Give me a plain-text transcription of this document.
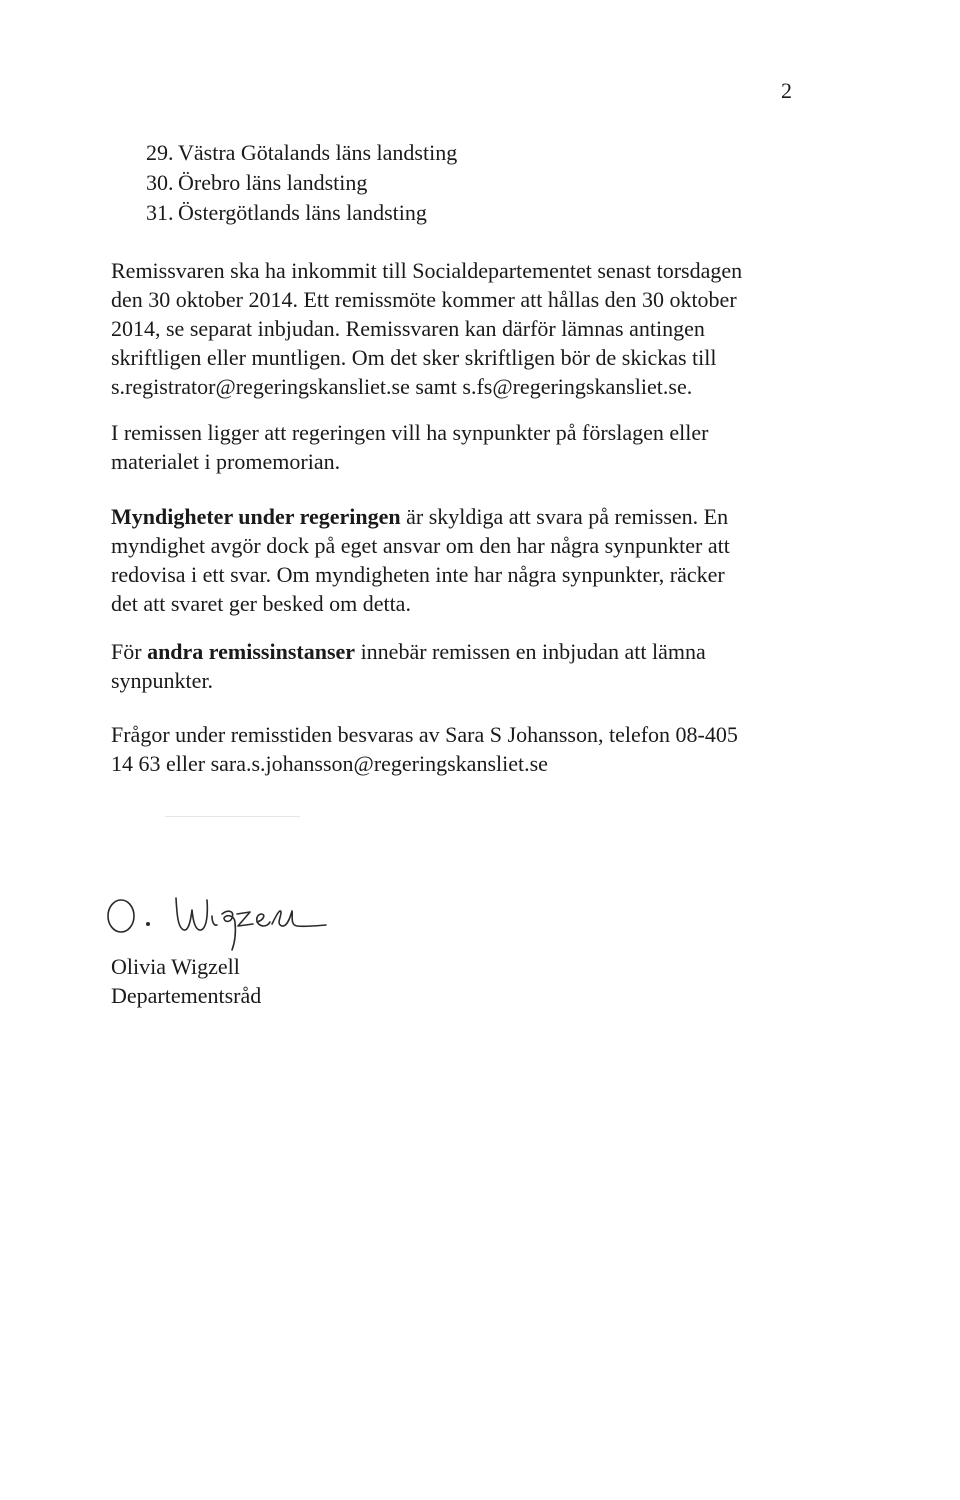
2
29. Västra Götalands läns landsting
30. Örebro läns landsting
31. Östergötlands läns landsting

Remissvaren ska ha inkommit till Socialdepartementet senast torsdagen
den 30 oktober 2014. Ett remissmöte kommer att hållas den 30 oktober
2014, se separat inbjudan. Remissvaren kan därför lämnas antingen
skriftligen eller muntligen. Om det sker skriftligen bör de skickas till
s.registrator@regeringskansliet.se samt s.fs@regeringskansliet.se.

I remissen ligger att regeringen vill ha synpunkter på förslagen eller
materialet i promemorian.

Myndigheter under regeringen är skyldiga att svara på remissen. En
myndighet avgör dock på eget ansvar om den har några synpunkter att
redovisa i ett svar. Om myndigheten inte har några synpunkter, räcker
det att svaret ger besked om detta.

För andra remissinstanser innebär remissen en inbjudan att lämna
synpunkter.

Frågor under remisstiden besvaras av Sara S Johansson, telefon 08-405
14 63 eller sara.s.johansson@regeringskansliet.se

Olivia Wigzell
Departementsråd
